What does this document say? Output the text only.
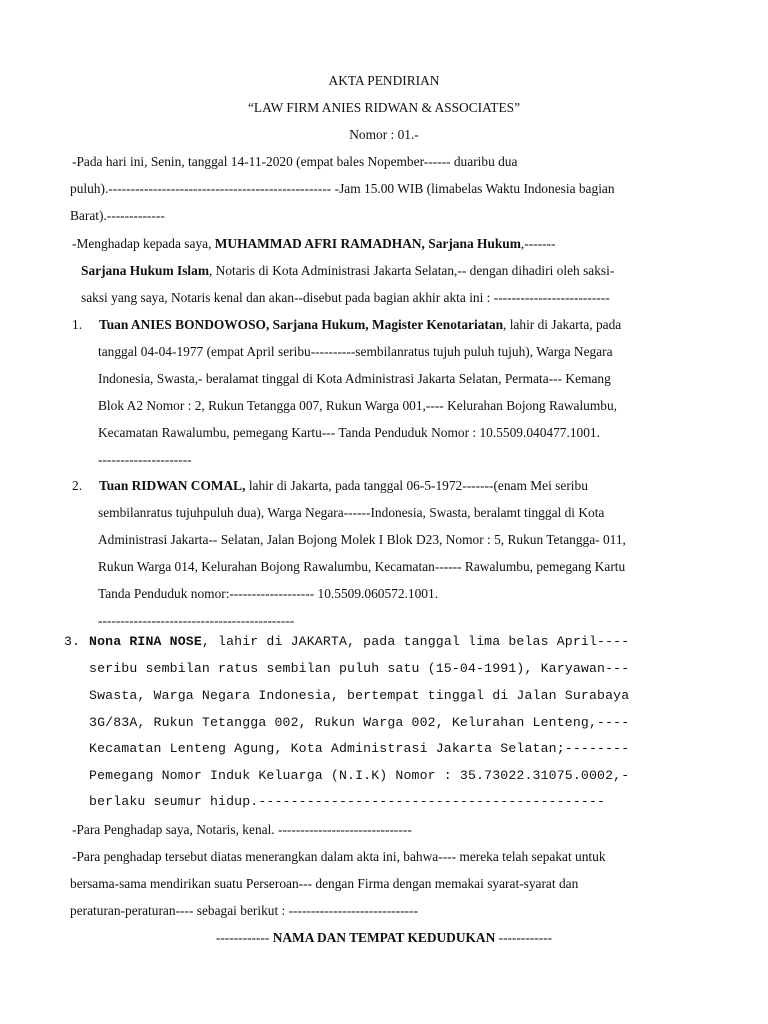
AKTA PENDIRIAN
“LAW FIRM ANIES RIDWAN & ASSOCIATES”
Nomor : 01.-
-Pada hari ini, Senin, tanggal 14-11-2020 (empat bales Nopember------ duaribu dua
puluh).-------------------------------------------------- -Jam 15.00 WIB (limabelas Waktu Indonesia bagian
Barat).-------------
-Menghadap kepada saya, MUHAMMAD AFRI RAMADHAN, Sarjana Hukum,-------
Sarjana Hukum Islam, Notaris di Kota Administrasi Jakarta Selatan,-- dengan dihadiri oleh saksi-
saksi yang saya, Notaris kenal dan akan--disebut pada bagian akhir akta ini : --------------------------
1. Tuan ANIES BONDOWOSO, Sarjana Hukum, Magister Kenotariatan, lahir di Jakarta, pada
tanggal 04-04-1977 (empat April seribu----------sembilanratus tujuh puluh tujuh), Warga Negara
Indonesia, Swasta,- beralamat tinggal di Kota Administrasi Jakarta Selatan, Permata--- Kemang
Blok A2 Nomor : 2, Rukun Tetangga 007, Rukun Warga 001,---- Kelurahan Bojong Rawalumbu,
Kecamatan Rawalumbu, pemegang Kartu--- Tanda Penduduk Nomor : 10.5509.040477.1001.
---------------------
2. Tuan RIDWAN COMAL, lahir di Jakarta, pada tanggal 06-5-1972-------(enam Mei seribu
sembilanratus tujuhpuluh dua), Warga Negara------Indonesia, Swasta, beralamt tinggal di Kota
Administrasi Jakarta-- Selatan, Jalan Bojong Molek I Blok D23, Nomor : 5, Rukun Tetangga- 011,
Rukun Warga 014, Kelurahan Bojong Rawalumbu, Kecamatan------ Rawalumbu, pemegang Kartu
Tanda Penduduk nomor:------------------- 10.5509.060572.1001.
--------------------------------------------
3. Nona RINA NOSE, lahir di JAKARTA, pada tanggal lima belas April----
seribu sembilan ratus sembilan puluh satu (15-04-1991), Karyawan---
Swasta, Warga Negara Indonesia, bertempat tinggal di Jalan Surabaya
3G/83A, Rukun Tetangga 002, Rukun Warga 002, Kelurahan Lenteng,----
Kecamatan Lenteng Agung, Kota Administrasi Jakarta Selatan;--------
Pemegang Nomor Induk Keluarga (N.I.K) Nomor : 35.73022.31075.0002,-
berlaku seumur hidup.-------------------------------------------
-Para Penghadap saya, Notaris, kenal. ------------------------------
-Para penghadap tersebut diatas menerangkan dalam akta ini, bahwa---- mereka telah sepakat untuk
bersama-sama mendirikan suatu Perseroan--- dengan Firma dengan memakai syarat-syarat dan
peraturan-peraturan---- sebagai berikut : -----------------------------
------------ NAMA DAN TEMPAT KEDUDUKAN ------------
